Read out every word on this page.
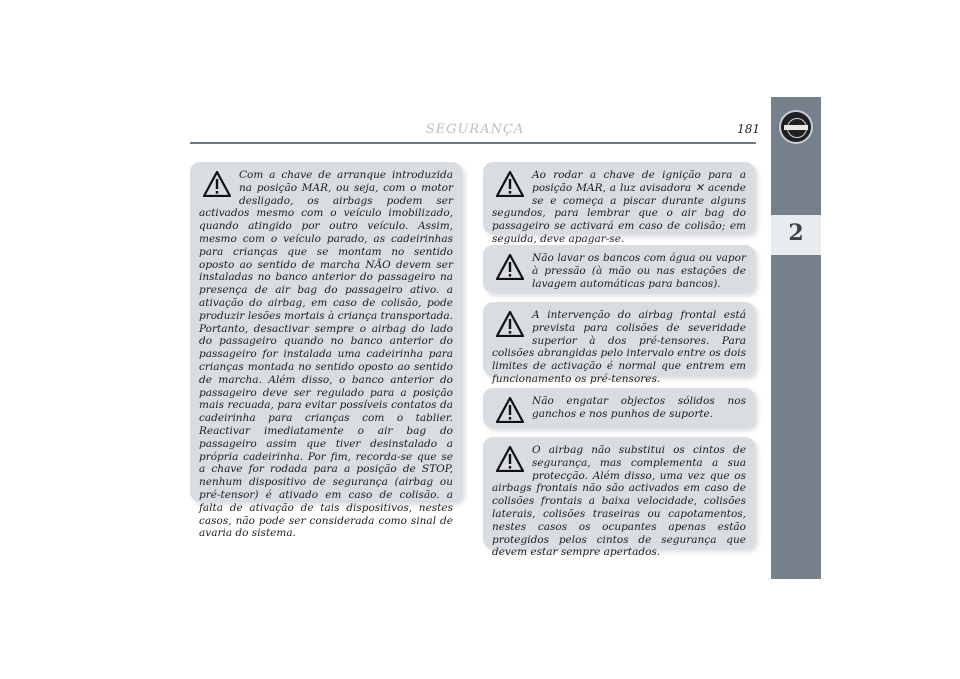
SEGURANÇA	181
2

Com a chave de arranque introduzida na posição MAR, ou seja, com o motor desligado, os airbags podem ser activados mesmo com o veículo imobilizado, quando atingido por outro veículo. Assim, mesmo com o veículo parado, as cadeirinhas para crianças que se montam no sentido oposto ao sentido de marcha NÃO devem ser instaladas no banco anterior do passageiro na presença de air bag do passageiro ativo. a ativação do airbag, em caso de colisão, pode produzir lesões mortais à criança transportada. Portanto, desactivar sempre o airbag do lado do passageiro quando no banco anterior do passageiro for instalada uma cadeirinha para crianças montada no sentido oposto ao sentido de marcha. Além disso, o banco anterior do passageiro deve ser regulado para a posição mais recuada, para evitar possíveis contatos da cadeirinha para crianças com o tablier. Reactivar imediatamente o air bag do passageiro assim que tiver desinstalado a própria cadeirinha. Por fim, recorda-se que se a chave for rodada para a posição de STOP, nenhum dispositivo de segurança (airbag ou pré-tensor) é ativado em caso de colisão. a falta de ativação de tais dispositivos, nestes casos, não pode ser considerada como sinal de avaria do sistema.

Ao rodar a chave de ignição para a posição MAR, a luz avisadora ✕ acende se e começa a piscar durante alguns segundos, para lembrar que o air bag do passageiro se activará em caso de colisão; em seguida, deve apagar-se.

Não lavar os bancos com água ou vapor à pressão (à mão ou nas estações de lavagem automáticas para bancos).

A intervenção do airbag frontal está prevista para colisões de severidade superior à dos pré-tensores. Para colisões abrangidas pelo intervalo entre os dois limites de activação é normal que entrem em funcionamento os pré-tensores.

Não engatar objectos sólidos nos ganchos e nos punhos de suporte.

O airbag não substitui os cintos de segurança, mas complementa a sua protecção. Além disso, uma vez que os airbags frontais não são activados em caso de colisões frontais a baixa velocidade, colisões laterais, colisões traseiras ou capotamentos, nestes casos os ocupantes apenas estão protegidos pelos cintos de segurança que devem estar sempre apertados.
